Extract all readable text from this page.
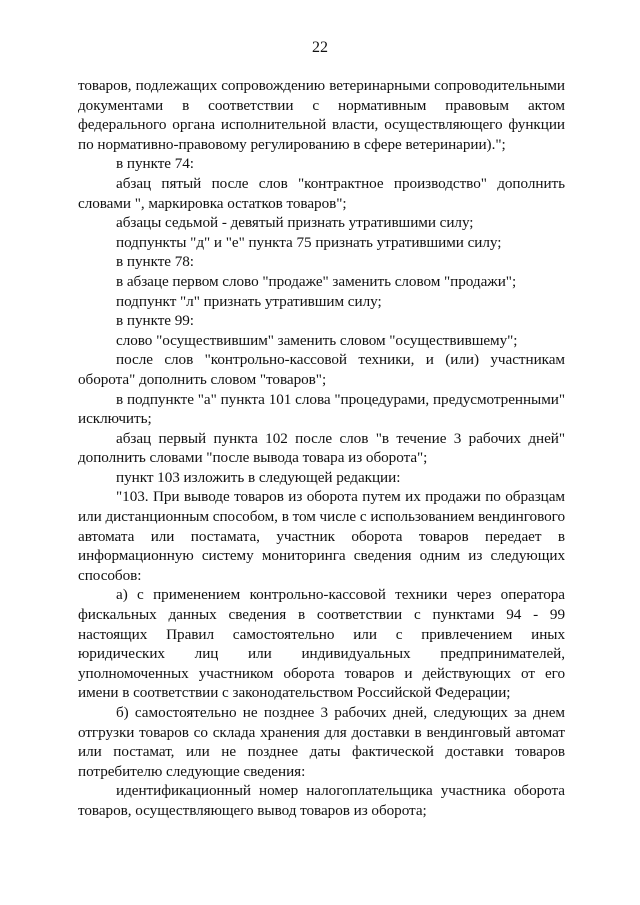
22

товаров, подлежащих сопровождению ветеринарными сопроводительными документами в соответствии с нормативным правовым актом федерального органа исполнительной власти, осуществляющего функции по нормативно-правовому регулированию в сфере ветеринарии).";

в пункте 74:

абзац пятый после слов "контрактное производство" дополнить словами ", маркировка остатков товаров";

абзацы седьмой - девятый признать утратившими силу;

подпункты "д" и "е" пункта 75 признать утратившими силу;

в пункте 78:

в абзаце первом слово "продаже" заменить словом "продажи";

подпункт "л" признать утратившим силу;

в пункте 99:

слово "осуществившим" заменить словом "осуществившему";

после слов "контрольно-кассовой техники, и (или) участникам оборота" дополнить словом "товаров";

в подпункте "а" пункта 101 слова "процедурами, предусмотренными" исключить;

абзац первый пункта 102 после слов "в течение 3 рабочих дней" дополнить словами "после вывода товара из оборота";

пункт 103 изложить в следующей редакции:

"103. При выводе товаров из оборота путем их продажи по образцам или дистанционным способом, в том числе с использованием вендингового автомата или постамата, участник оборота товаров передает в информационную систему мониторинга сведения одним из следующих способов:

а) с применением контрольно-кассовой техники через оператора фискальных данных сведения в соответствии с пунктами 94 - 99 настоящих Правил самостоятельно или с привлечением иных юридических лиц или индивидуальных предпринимателей, уполномоченных участником оборота товаров и действующих от его имени в соответствии с законодательством Российской Федерации;

б) самостоятельно не позднее 3 рабочих дней, следующих за днем отгрузки товаров со склада хранения для доставки в вендинговый автомат или постамат, или не позднее даты фактической доставки товаров потребителю следующие сведения:

идентификационный номер налогоплательщика участника оборота товаров, осуществляющего вывод товаров из оборота;
